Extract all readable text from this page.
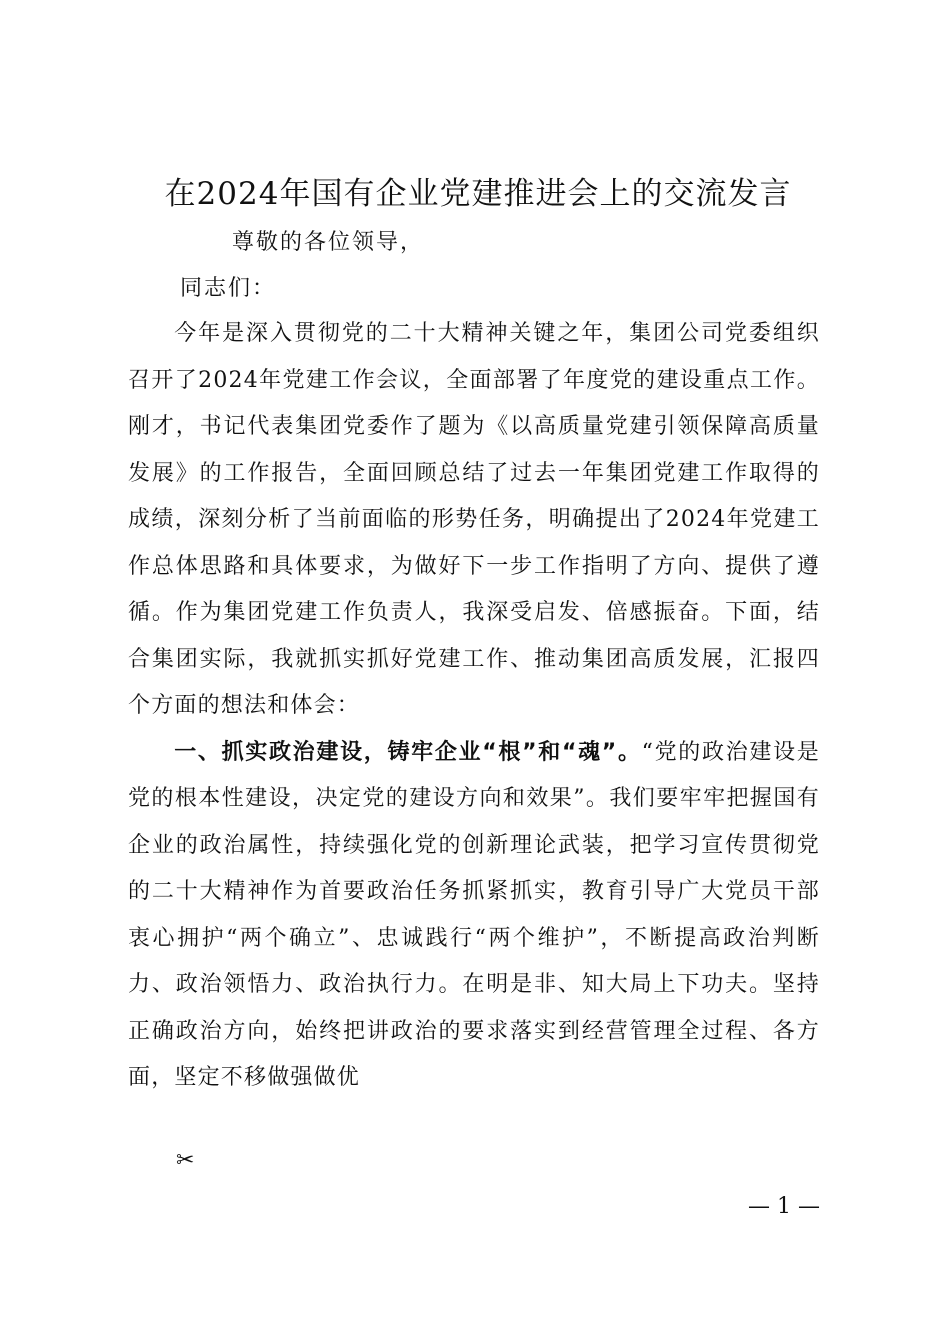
在2024年国有企业党建推进会上的交流发言
尊敬的各位领导，
同志们：

今年是深入贯彻党的二十大精神关键之年，集团公司党委组织召开了2024年党建工作会议，全面部署了年度党的建设重点工作。刚才，书记代表集团党委作了题为《以高质量党建引领保障高质量发展》的工作报告，全面回顾总结了过去一年集团党建工作取得的成绩，深刻分析了当前面临的形势任务，明确提出了2024年党建工作总体思路和具体要求，为做好下一步工作指明了方向、提供了遵循。作为集团党建工作负责人，我深受启发、倍感振奋。下面，结合集团实际，我就抓实抓好党建工作、推动集团高质发展，汇报四个方面的想法和体会：

一、抓实政治建设，铸牢企业“根”和“魂”。“党的政治建设是党的根本性建设，决定党的建设方向和效果”。我们要牢牢把握国有企业的政治属性，持续强化党的创新理论武装，把学习宣传贯彻党的二十大精神作为首要政治任务抓紧抓实，教育引导广大党员干部衷心拥护“两个确立”、忠诚践行“两个维护”，不断提高政治判断力、政治领悟力、政治执行力。在明是非、知大局上下功夫。坚持正确政治方向，始终把讲政治的要求落实到经营管理全过程、各方面，坚定不移做强做优

✂
— 1 —
